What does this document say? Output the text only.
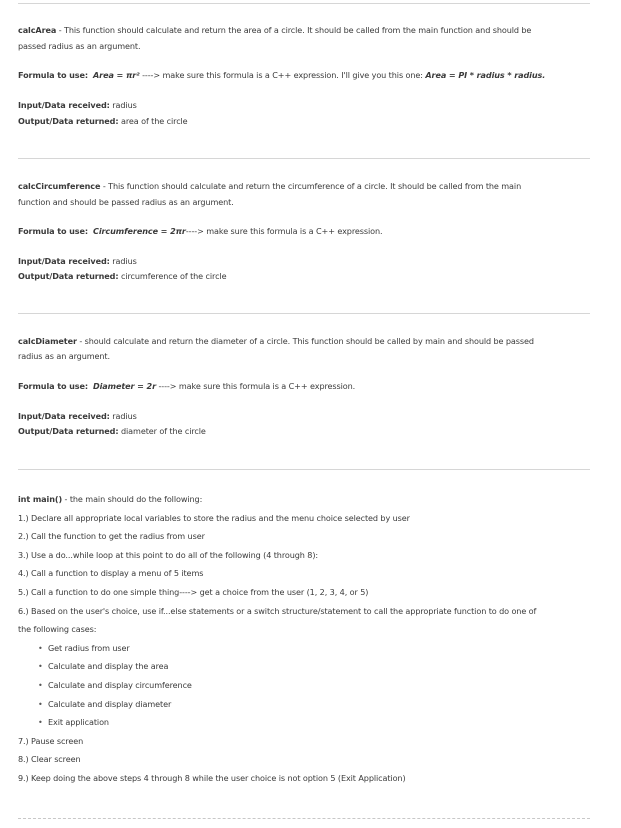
calcArea - This function should calculate and return the area of a circle. It should be called from the main function and should be
passed radius as an argument.
Formula to use: Area = πr² ----> make sure this formula is a C++ expression. I'll give you this one: Area = PI * radius * radius.
Input/Data received: radius
Output/Data returned: area of the circle
calcCircumference - This function should calculate and return the circumference of a circle. It should be called from the main
function and should be passed radius as an argument.
Formula to use: Circumference = 2πr----> make sure this formula is a C++ expression.
Input/Data received: radius
Output/Data returned: circumference of the circle
calcDiameter - should calculate and return the diameter of a circle. This function should be called by main and should be passed
radius as an argument.
Formula to use: Diameter = 2r ----> make sure this formula is a C++ expression.
Input/Data received: radius
Output/Data returned: diameter of the circle
int main() - the main should do the following:
1.) Declare all appropriate local variables to store the radius and the menu choice selected by user
2.) Call the function to get the radius from user
3.) Use a do...while loop at this point to do all of the following (4 through 8):
4.) Call a function to display a menu of 5 items
5.) Call a function to do one simple thing----> get a choice from the user (1, 2, 3, 4, or 5)
6.) Based on the user's choice, use if...else statements or a switch structure/statement to call the appropriate function to do one of
the following cases:
• Get radius from user
• Calculate and display the area
• Calculate and display circumference
• Calculate and display diameter
• Exit application
7.) Pause screen
8.) Clear screen
9.) Keep doing the above steps 4 through 8 while the user choice is not option 5 (Exit Application)
